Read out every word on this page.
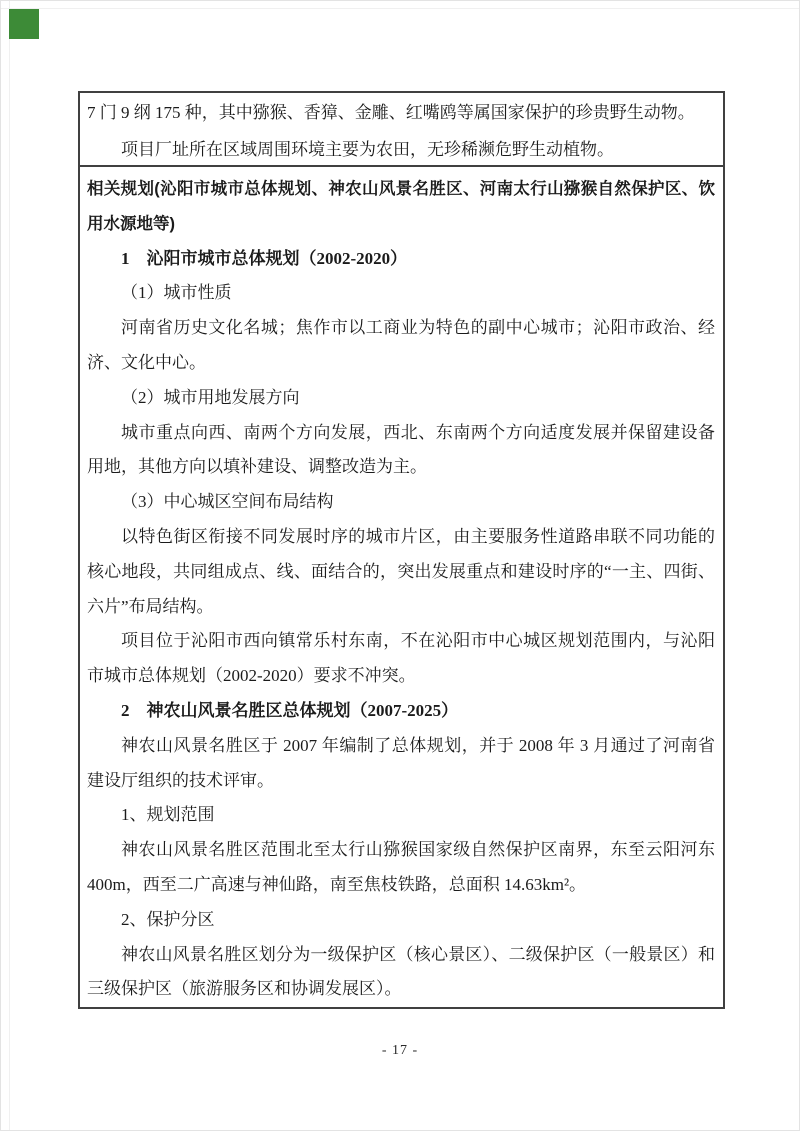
7 门 9 纲 175 种，其中猕猴、香獐、金雕、红嘴鸥等属国家保护的珍贵野生动物。

项目厂址所在区域周围环境主要为农田，无珍稀濒危野生动植物。

相关规划(沁阳市城市总体规划、神农山风景名胜区、河南太行山猕猴自然保护区、饮用水源地等)

1　沁阳市城市总体规划（2002-2020）

（1）城市性质

河南省历史文化名城；焦作市以工商业为特色的副中心城市；沁阳市政治、经济、文化中心。

（2）城市用地发展方向

城市重点向西、南两个方向发展，西北、东南两个方向适度发展并保留建设备用地，其他方向以填补建设、调整改造为主。

（3）中心城区空间布局结构

以特色街区衔接不同发展时序的城市片区，由主要服务性道路串联不同功能的核心地段，共同组成点、线、面结合的，突出发展重点和建设时序的“一主、四街、六片”布局结构。

项目位于沁阳市西向镇常乐村东南，不在沁阳市中心城区规划范围内，与沁阳市城市总体规划（2002-2020）要求不冲突。

2　神农山风景名胜区总体规划（2007-2025）

神农山风景名胜区于 2007 年编制了总体规划，并于 2008 年 3 月通过了河南省建设厅组织的技术评审。

1、规划范围

神农山风景名胜区范围北至太行山猕猴国家级自然保护区南界，东至云阳河东 400m，西至二广高速与神仙路，南至焦枝铁路，总面积 14.63km²。

2、保护分区

神农山风景名胜区划分为一级保护区（核心景区）、二级保护区（一般景区）和三级保护区（旅游服务区和协调发展区）。

- 17 -
